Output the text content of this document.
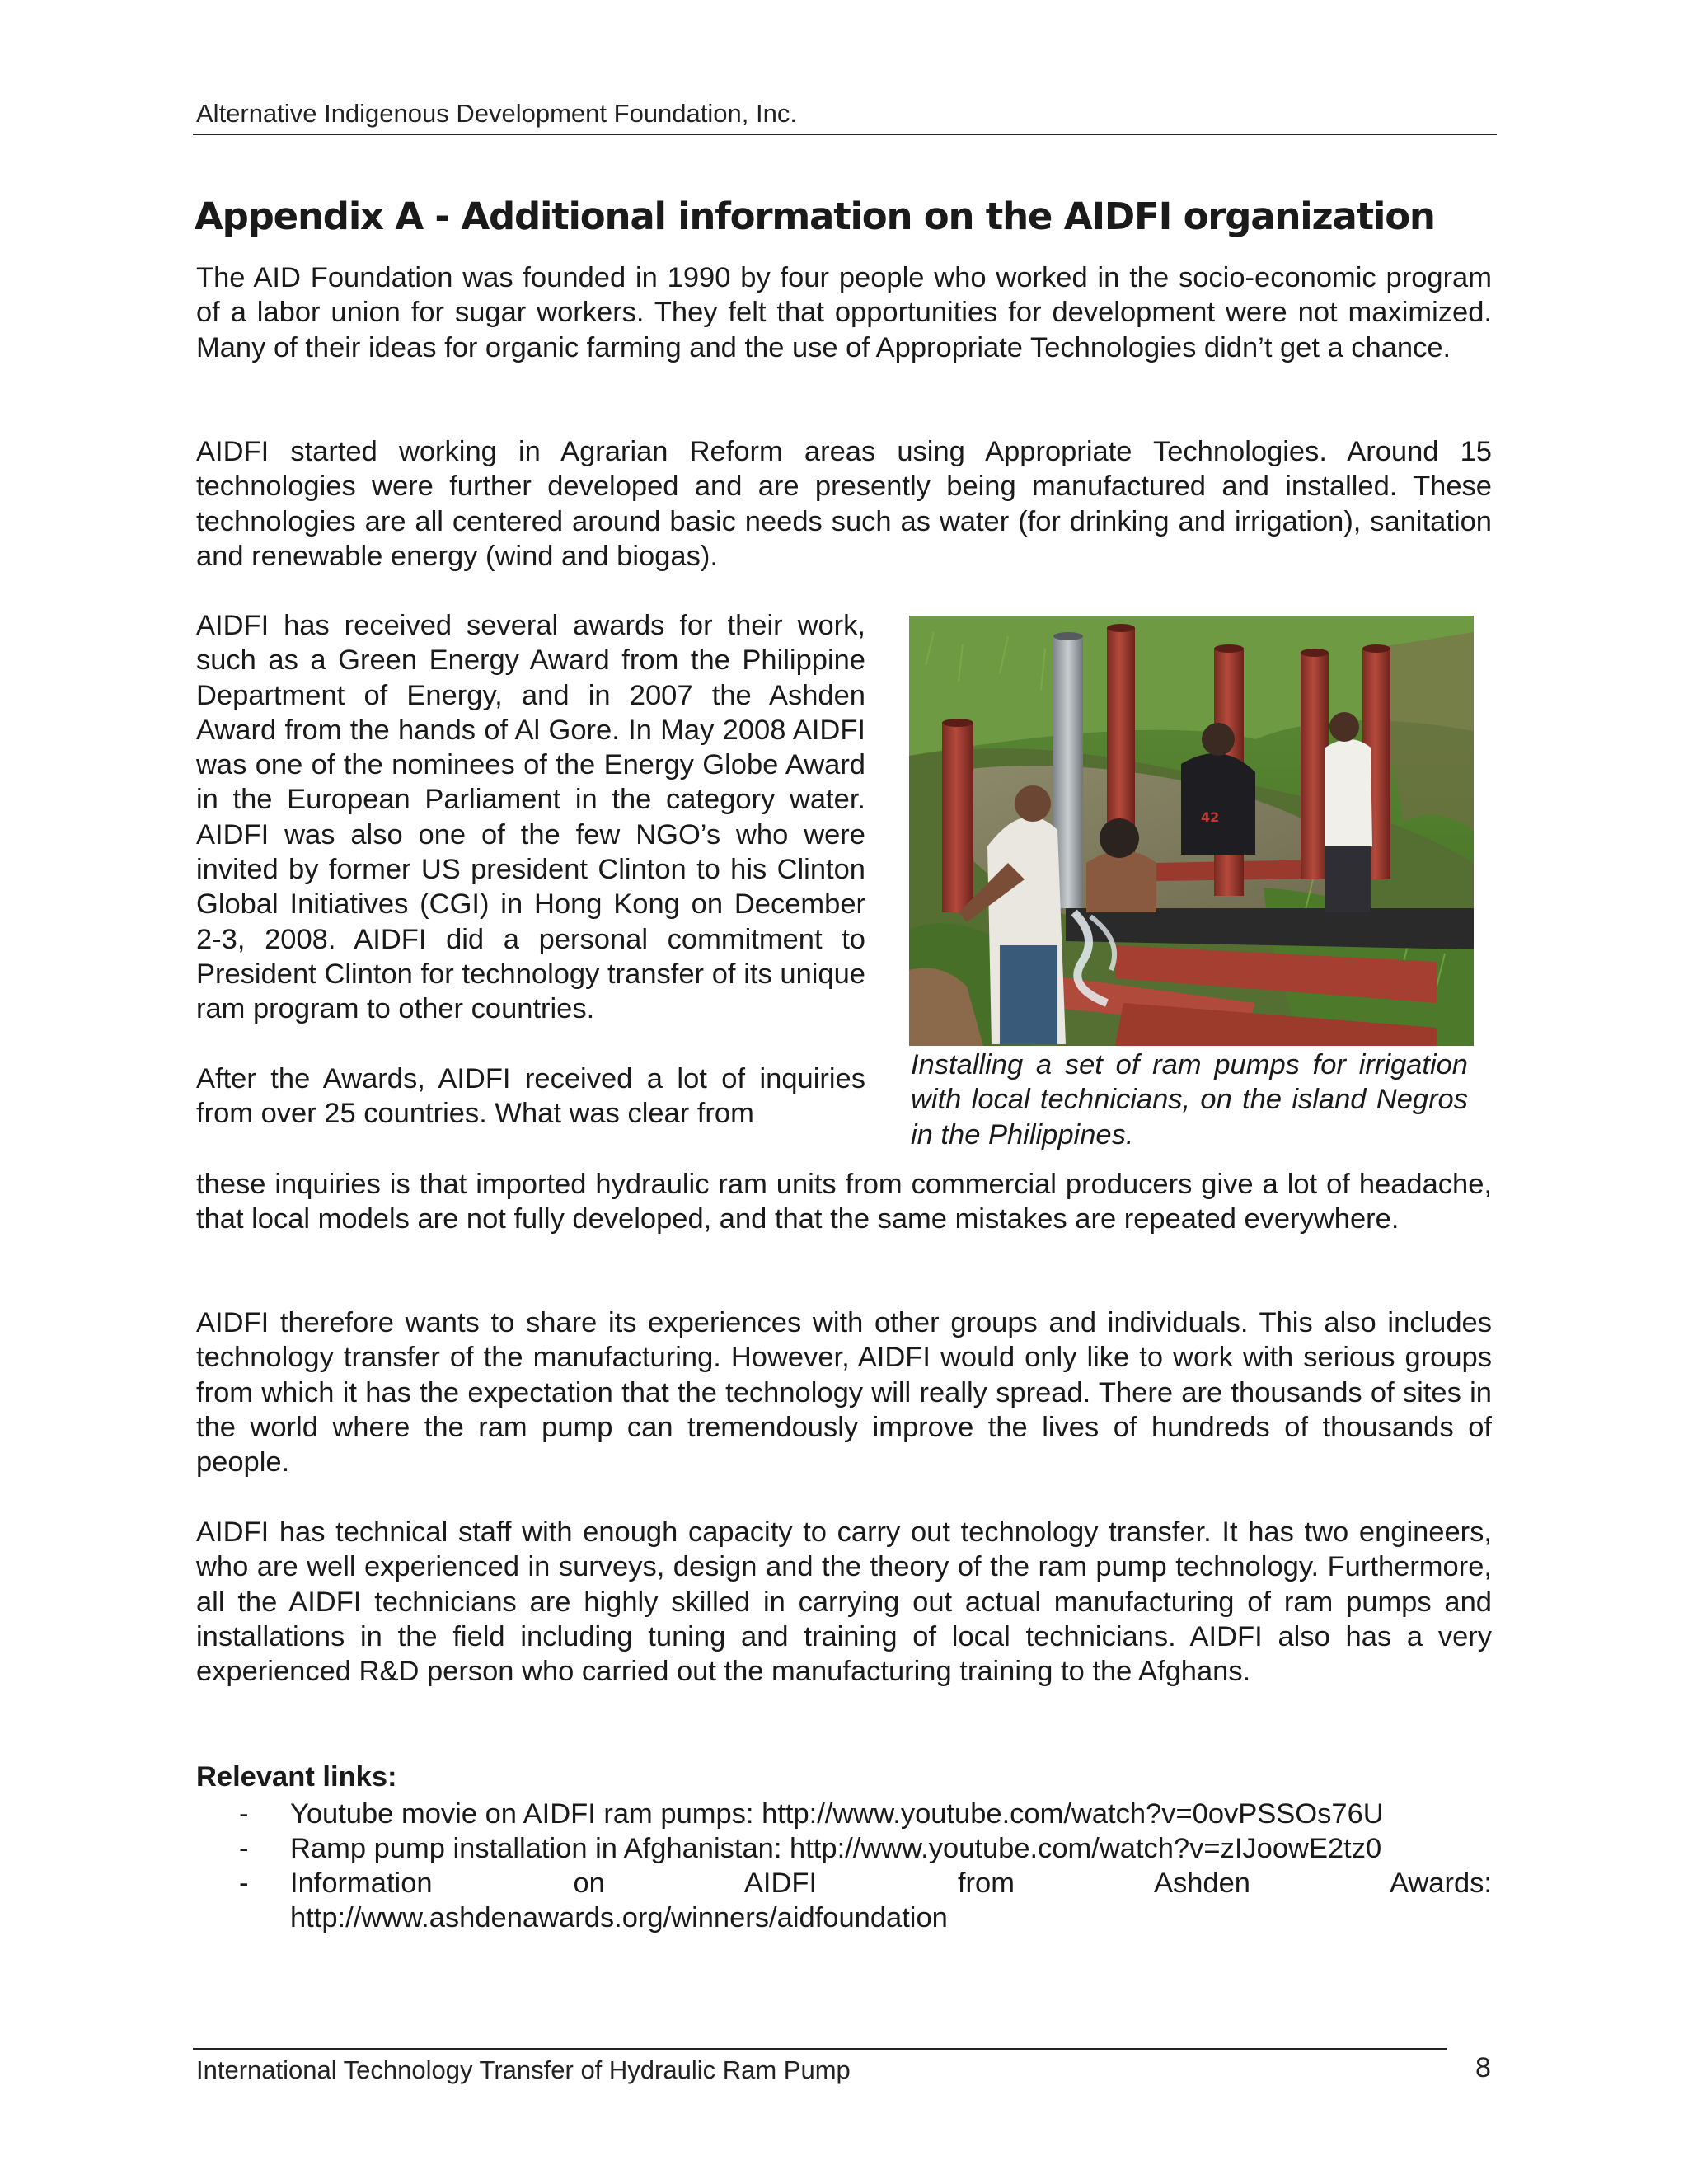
Alternative Indigenous Development Foundation, Inc.
Appendix A - Additional information on the AIDFI organization

The AID Foundation was founded in 1990 by four people who worked in the socio-economic program of a labor union for sugar workers. They felt that opportunities for development were not maximized. Many of their ideas for organic farming and the use of Appropriate Technologies didn’t get a chance.

AIDFI started working in Agrarian Reform areas using Appropriate Technologies. Around 15 technologies were further developed and are presently being manufactured and installed. These technologies are all centered around basic needs such as water (for drinking and irrigation), sanitation and renewable energy (wind and biogas).

AIDFI has received several awards for their work, such as a Green Energy Award from the Philippine Department of Energy, and in 2007 the Ashden Award from the hands of Al Gore. In May 2008 AIDFI was one of the nominees of the Energy Globe Award in the European Parliament in the category water. AIDFI was also one of the few NGO’s who were invited by former US president Clinton to his Clinton Global Initiatives (CGI) in Hong Kong on December 2-3, 2008. AIDFI did a personal commitment to President Clinton for technology transfer of its unique ram program to other countries.

After the Awards, AIDFI received a lot of inquiries from over 25 countries. What was clear from

42

Installing a set of ram pumps for irrigation with local technicians, on the island Negros in the Philippines.

these inquiries is that imported hydraulic ram units from commercial producers give a lot of headache, that local models are not fully developed, and that the same mistakes are repeated everywhere.

AIDFI therefore wants to share its experiences with other groups and individuals. This also includes technology transfer of the manufacturing. However, AIDFI would only like to work with serious groups from which it has the expectation that the technology will really spread. There are thousands of sites in the world where the ram pump can tremendously improve the lives of hundreds of thousands of people.

AIDFI has technical staff with enough capacity to carry out technology transfer. It has two engineers, who are well experienced in surveys, design and the theory of the ram pump technology. Furthermore, all the AIDFI technicians are highly skilled in carrying out actual manufacturing of ram pumps and installations in the field including tuning and training of local technicians. AIDFI also has a very experienced R&D person who carried out the manufacturing training to the Afghans.

Relevant links:

- Youtube movie on AIDFI ram pumps: http://www.youtube.com/watch?v=0ovPSSOs76U
- Ramp pump installation in Afghanistan: http://www.youtube.com/watch?v=zIJoowE2tz0
- Information on AIDFI from Ashden Awards:
http://www.ashdenawards.org/winners/aidfoundation
International Technology Transfer of Hydraulic Ram Pump	8
